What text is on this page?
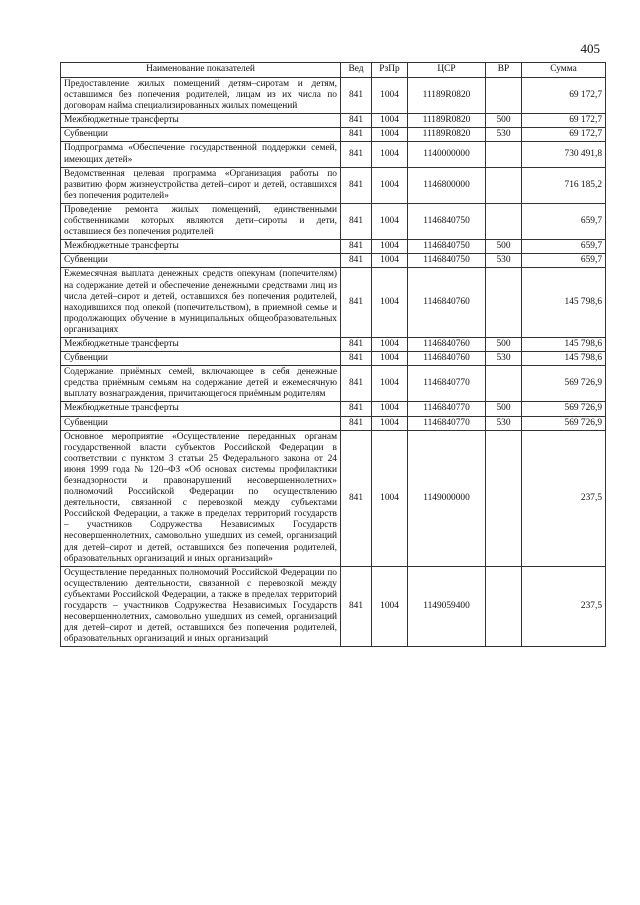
405
Наименование показателей	Вед	РзПр	ЦСР	ВР	Сумма
Предоставление жилых помещений детям–сиротам и детям, оставшимся без попечения родителей, лицам из их числа по договорам найма специализированных жилых помещений	841	1004	11189R0820		69 172,7
Межбюджетные трансферты	841	1004	11189R0820	500	69 172,7
Субвенции	841	1004	11189R0820	530	69 172,7
Подпрограмма «Обеспечение государственной поддержки семей, имеющих детей»	841	1004	1140000000		730 491,8
Ведомственная целевая программа «Организация работы по развитию форм жизнеустройства детей–сирот и детей, оставшихся без попечения родителей»	841	1004	1146800000		716 185,2
Проведение ремонта жилых помещений, единственными собственниками которых являются дети–сироты и дети, оставшиеся без попечения родителей	841	1004	1146840750		659,7
Межбюджетные трансферты	841	1004	1146840750	500	659,7
Субвенции	841	1004	1146840750	530	659,7
Ежемесячная выплата денежных средств опекунам (попечителям) на содержание детей и обеспечение денежными средствами лиц из числа детей–сирот и детей, оставшихся без попечения родителей, находившихся под опекой (попечительством), в приемной семье и продолжающих обучение в муниципальных общеобразовательных организациях	841	1004	1146840760		145 798,6
Межбюджетные трансферты	841	1004	1146840760	500	145 798,6
Субвенции	841	1004	1146840760	530	145 798,6
Содержание приёмных семей, включающее в себя денежные средства приёмным семьям на содержание детей и ежемесячную выплату вознаграждения, причитающегося приёмным родителям	841	1004	1146840770		569 726,9
Межбюджетные трансферты	841	1004	1146840770	500	569 726,9
Субвенции	841	1004	1146840770	530	569 726,9
Основное мероприятие «Осуществление переданных органам государственной власти субъектов Российской Федерации в соответствии с пунктом 3 статьи 25 Федерального закона от 24 июня 1999 года № 120–ФЗ «Об основах системы профилактики безнадзорности и правонарушений несовершеннолетних» полномочий Российской Федерации по осуществлению деятельности, связанной с перевозкой между субъектами Российской Федерации, а также в пределах территорий государств – участников Содружества Независимых Государств несовершеннолетних, самовольно ушедших из семей, организаций для детей–сирот и детей, оставшихся без попечения родителей, образовательных организаций и иных организаций»	841	1004	1149000000		237,5
Осуществление переданных полномочий Российской Федерации по осуществлению деятельности, связанной с перевозкой между субъектами Российской Федерации, а также в пределах территорий государств – участников Содружества Независимых Государств несовершеннолетних, самовольно ушедших из семей, организаций для детей–сирот и детей, оставшихся без попечения родителей, образовательных организаций и иных организаций	841	1004	1149059400		237,5
